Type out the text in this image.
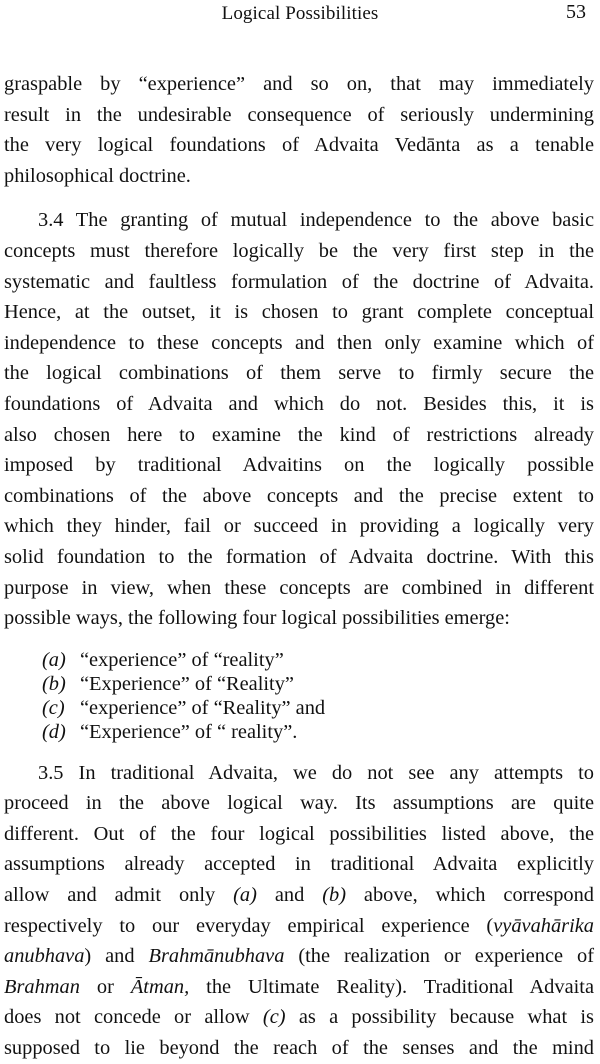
Logical Possibilities	53
graspable by “experience” and so on, that may immediately
result in the undesirable consequence of seriously undermining
the very logical foundations of Advaita Vedānta as a tenable
philosophical doctrine.
3.4 The granting of mutual independence to the above basic
concepts must therefore logically be the very first step in the
systematic and faultless formulation of the doctrine of Advaita.
Hence, at the outset, it is chosen to grant complete conceptual
independence to these concepts and then only examine which of
the logical combinations of them serve to firmly secure the
foundations of Advaita and which do not. Besides this, it is
also chosen here to examine the kind of restrictions already
imposed by traditional Advaitins on the logically possible
combinations of the above concepts and the precise extent to
which they hinder, fail or succeed in providing a logically very
solid foundation to the formation of Advaita doctrine. With this
purpose in view, when these concepts are combined in different
possible ways, the following four logical possibilities emerge:
(a) “experience” of “reality”
(b) “Experience” of “Reality”
(c) “experience” of “Reality” and
(d) “Experience” of “ reality”.
3.5 In traditional Advaita, we do not see any attempts to
proceed in the above logical way. Its assumptions are quite
different. Out of the four logical possibilities listed above, the
assumptions already accepted in traditional Advaita explicitly
allow and admit only (a) and (b) above, which correspond
respectively to our everyday empirical experience (vyāvahārika
anubhava) and Brahmānubhava (the realization or experience of
Brahman or Ātman, the Ultimate Reality). Traditional Advaita
does not concede or allow (c) as a possibility because what is
supposed to lie beyond the reach of the senses and the mind
